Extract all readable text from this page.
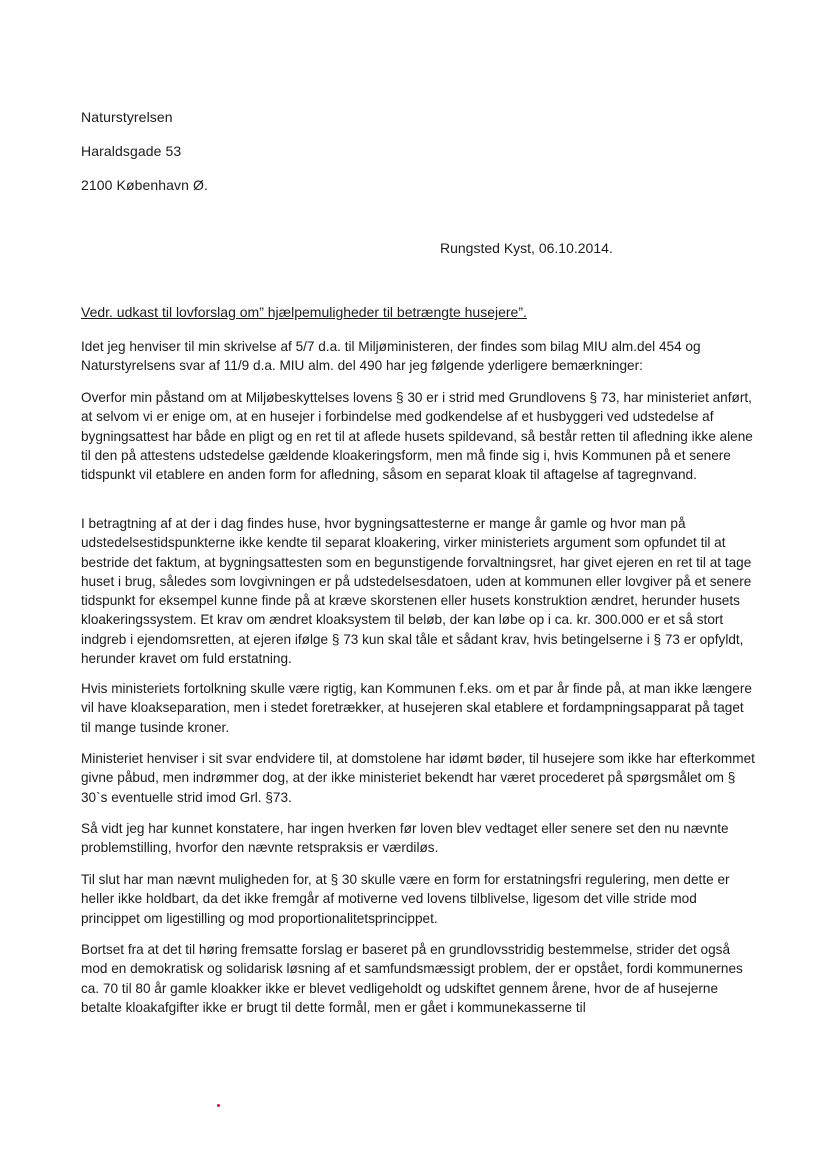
Naturstyrelsen
Haraldsgade 53
2100 København Ø.
Rungsted Kyst, 06.10.2014.
Vedr. udkast til lovforslag om” hjælpemuligheder til betrængte husejere”.

Idet jeg henviser til min skrivelse af 5/7 d.a. til Miljøministeren, der findes som bilag MIU alm.del 454 og Naturstyrelsens svar af 11/9 d.a. MIU alm. del 490 har jeg følgende yderligere bemærkninger:

Overfor min påstand om at Miljøbeskyttelses lovens § 30 er i strid med Grundlovens § 73, har ministeriet anført, at selvom vi er enige om, at en husejer i forbindelse med godkendelse af et husbyggeri ved udstedelse af bygningsattest har både en pligt og en ret til at aflede husets spildevand, så består retten til afledning ikke alene til den på attestens udstedelse gældende kloakeringsform, men må finde sig i, hvis Kommunen på et senere tidspunkt vil etablere en anden form for afledning, såsom en separat kloak til aftagelse af tagregnvand.

I betragtning af at der i dag findes huse, hvor bygningsattesterne er mange år gamle og hvor man på udstedelsestidspunkterne ikke kendte til separat kloakering, virker ministeriets argument som opfundet til at bestride det faktum, at bygningsattesten som en begunstigende forvaltningsret, har givet ejeren en ret til at tage huset i brug, således som lovgivningen er på udstedelsesdatoen, uden at kommunen eller lovgiver på et senere tidspunkt for eksempel kunne finde på at kræve skorstenen eller husets konstruktion ændret, herunder husets kloakeringssystem. Et krav om ændret kloaksystem til beløb, der kan løbe op i ca. kr. 300.000 er et så stort indgreb i ejendomsretten, at ejeren ifølge § 73 kun skal tåle et sådant krav, hvis betingelserne i § 73 er opfyldt, herunder kravet om fuld erstatning.

Hvis ministeriets fortolkning skulle være rigtig, kan Kommunen f.eks. om et par år finde på, at man ikke længere vil have kloakseparation, men i stedet foretrækker, at husejeren skal etablere et fordampningsapparat på taget til mange tusinde kroner.

Ministeriet henviser i sit svar endvidere til, at domstolene har idømt bøder, til husejere som ikke har efterkommet givne påbud, men indrømmer dog, at der ikke ministeriet bekendt har været procederet på spørgsmålet om § 30`s eventuelle strid imod Grl. §73.

Så vidt jeg har kunnet konstatere, har ingen hverken før loven blev vedtaget eller senere set den nu nævnte problemstilling, hvorfor den nævnte retspraksis er værdiløs.

Til slut har man nævnt muligheden for, at § 30 skulle være en form for erstatningsfri regulering, men dette er heller ikke holdbart, da det ikke fremgår af motiverne ved lovens tilblivelse, ligesom det ville stride mod princippet om ligestilling og mod proportionalitetsprincippet.

Bortset fra at det til høring fremsatte forslag er baseret på en grundlovsstridig bestemmelse, strider det også mod en demokratisk og solidarisk løsning af et samfundsmæssigt problem, der er opstået, fordi kommunernes ca. 70 til 80 år gamle kloakker ikke er blevet vedligeholdt og udskiftet gennem årene, hvor de af husejerne betalte kloakafgifter ikke er brugt til dette formål, men er gået i kommunekasserne til
